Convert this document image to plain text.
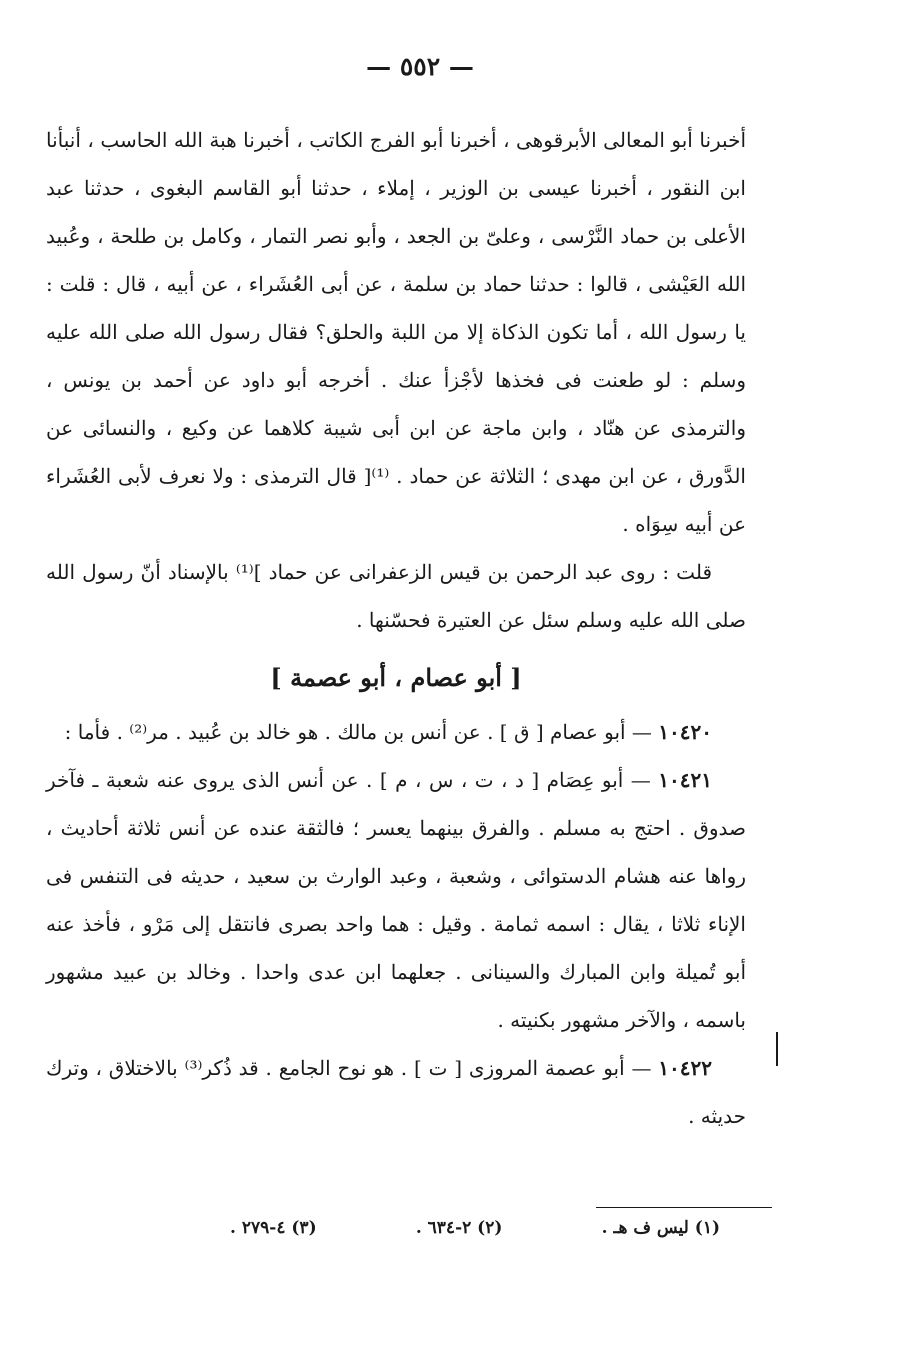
— ٥٥٢ —

أخبرنا أبو المعالى الأبرقوهى ، أخبرنا أبو الفرج الكاتب ، أخبرنا هبة الله الحاسب ، أنبأنا ابن النقور ، أخبرنا عيسى بن الوزير ، إملاء ، حدثنا أبو القاسم البغوى ، حدثنا عبد الأعلى بن حماد النَّرْسى ، وعلىّ بن الجعد ، وأبو نصر التمار ، وكامل بن طلحة ، وعُبيد الله العَيْشى ، قالوا : حدثنا حماد بن سلمة ، عن أبى العُشَراء ، عن أبيه ، قال : قلت : يا رسول الله ، أما تكون الذكاة إلا من اللبة والحلق؟ فقال رسول الله صلى الله عليه وسلم : لو طعنت فى فخذها لأجْزأ عنك . أخرجه أبو داود عن أحمد بن يونس ، والترمذى عن هنّاد ، وابن ماجة عن ابن أبى شيبة كلاهما عن وكيع ، والنسائى عن الدَّورق ، عن ابن مهدى ؛ الثلاثة عن حماد . ⁽¹⁾[ قال الترمذى : ولا نعرف لأبى العُشَراء عن أبيه سِوَاه .

قلت : روى عبد الرحمن بن قيس الزعفرانى عن حماد ]⁽¹⁾ بالإسناد أنّ رسول الله صلى الله عليه وسلم سئل عن العتيرة فحسّنها .

[ أبو عصام ، أبو عصمة ]

١٠٤٢٠ — أبو عصام [ ق ] . عن أنس بن مالك . هو خالد بن عُبيد . مر⁽²⁾ . فأما :

١٠٤٢١ — أبو عِصَام [ د ، ت ، س ، م ] . عن أنس الذى يروى عنه شعبة ـ فآخر صدوق . احتج به مسلم . والفرق بينهما يعسر ؛ فالثقة عنده عن أنس ثلاثة أحاديث ، رواها عنه هشام الدستوائى ، وشعبة ، وعبد الوارث بن سعيد ، حديثه فى التنفس فى الإناء ثلاثا ، يقال : اسمه ثمامة . وقيل : هما واحد بصرى فانتقل إلى مَرْو ، فأخذ عنه أبو تُميلة وابن المبارك والسينانى . جعلهما ابن عدى واحدا . وخالد بن عبيد مشهور باسمه ، والآخر مشهور بكنيته .

١٠٤٢٢ — أبو عصمة المروزى [ ت ] . هو نوح الجامع . قد ذُكر⁽³⁾ بالاختلاق ، وترك حديثه .

(١) ليس ف هـ .
(٢) ٢-٦٣٤ .
(٣) ٤-٢٧٩ .
